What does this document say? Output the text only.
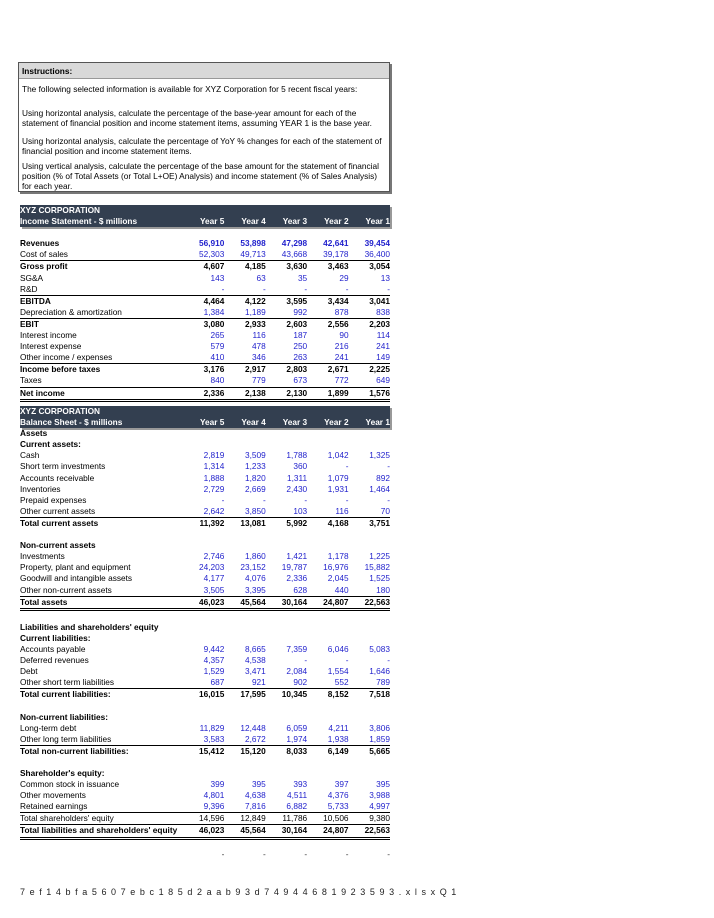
Instructions:

The following selected information is available for XYZ Corporation for 5 recent fiscal years:

Using horizontal analysis, calculate the percentage of the base-year amount for each of the statement of financial position and income statement items, assuming YEAR 1 is the base year.

Using horizontal analysis, calculate the percentage of YoY % changes for each of the statement of financial position and income statement items.

Using vertical analysis, calculate the percentage of the base amount for the statement of financial position (% of Total Assets (or Total L+OE) Analysis) and income statement (% of Sales Analysis) for each year.

XYZ CORPORATION
Income Statement - $ millions	Year 5	Year 4	Year 3	Year 2	Year 1
Revenues	56,910	53,898	47,298	42,641	39,454
Cost of sales	52,303	49,713	43,668	39,178	36,400
Gross profit	4,607	4,185	3,630	3,463	3,054
SG&A	143	63	35	29	13
R&D	-	-	-	-	-
EBITDA	4,464	4,122	3,595	3,434	3,041
Depreciation & amortization	1,384	1,189	992	878	838
EBIT	3,080	2,933	2,603	2,556	2,203
Interest income	265	116	187	90	114
Interest expense	579	478	250	216	241
Other income / expenses	410	346	263	241	149
Income before taxes	3,176	2,917	2,803	2,671	2,225
Taxes	840	779	673	772	649
Net income	2,336	2,138	2,130	1,899	1,576
XYZ CORPORATION
Balance Sheet - $ millions	Year 5	Year 4	Year 3	Year 2	Year 1
Assets
Current assets:
Cash	2,819	3,509	1,788	1,042	1,325
Short term investments	1,314	1,233	360	-	-
Accounts receivable	1,888	1,820	1,311	1,079	892
Inventories	2,729	2,669	2,430	1,931	1,464
Prepaid expenses	-	-	-	-	-
Other current assets	2,642	3,850	103	116	70
Total current assets	11,392	13,081	5,992	4,168	3,751
Non-current assets
Investments	2,746	1,860	1,421	1,178	1,225
Property, plant and equipment	24,203	23,152	19,787	16,976	15,882
Goodwill and intangible assets	4,177	4,076	2,336	2,045	1,525
Other non-current assets	3,505	3,395	628	440	180
Total assets	46,023	45,564	30,164	24,807	22,563
Liabilities and shareholders' equity
Current liabilities:
Accounts payable	9,442	8,665	7,359	6,046	5,083
Deferred revenues	4,357	4,538	-	-	-
Debt	1,529	3,471	2,084	1,554	1,646
Other short term liabilities	687	921	902	552	789
Total current liabilities:	16,015	17,595	10,345	8,152	7,518
Non-current liabilities:
Long-term debt	11,829	12,448	6,059	4,211	3,806
Other long term liabilities	3,583	2,672	1,974	1,938	1,859
Total non-current liabilities:	15,412	15,120	8,033	6,149	5,665
Shareholder's equity:
Common stock in issuance	399	395	393	397	395
Other movements	4,801	4,638	4,511	4,376	3,988
Retained earnings	9,396	7,816	6,882	5,733	4,997
Total shareholders' equity	14,596	12,849	11,786	10,506	9,380
Total liabilities and shareholders' equity	46,023	45,564	30,164	24,807	22,563
-	-	-	-	-
7ef14bfa5607ebc185d2aab93d749446819235​93.xlsxQ1
